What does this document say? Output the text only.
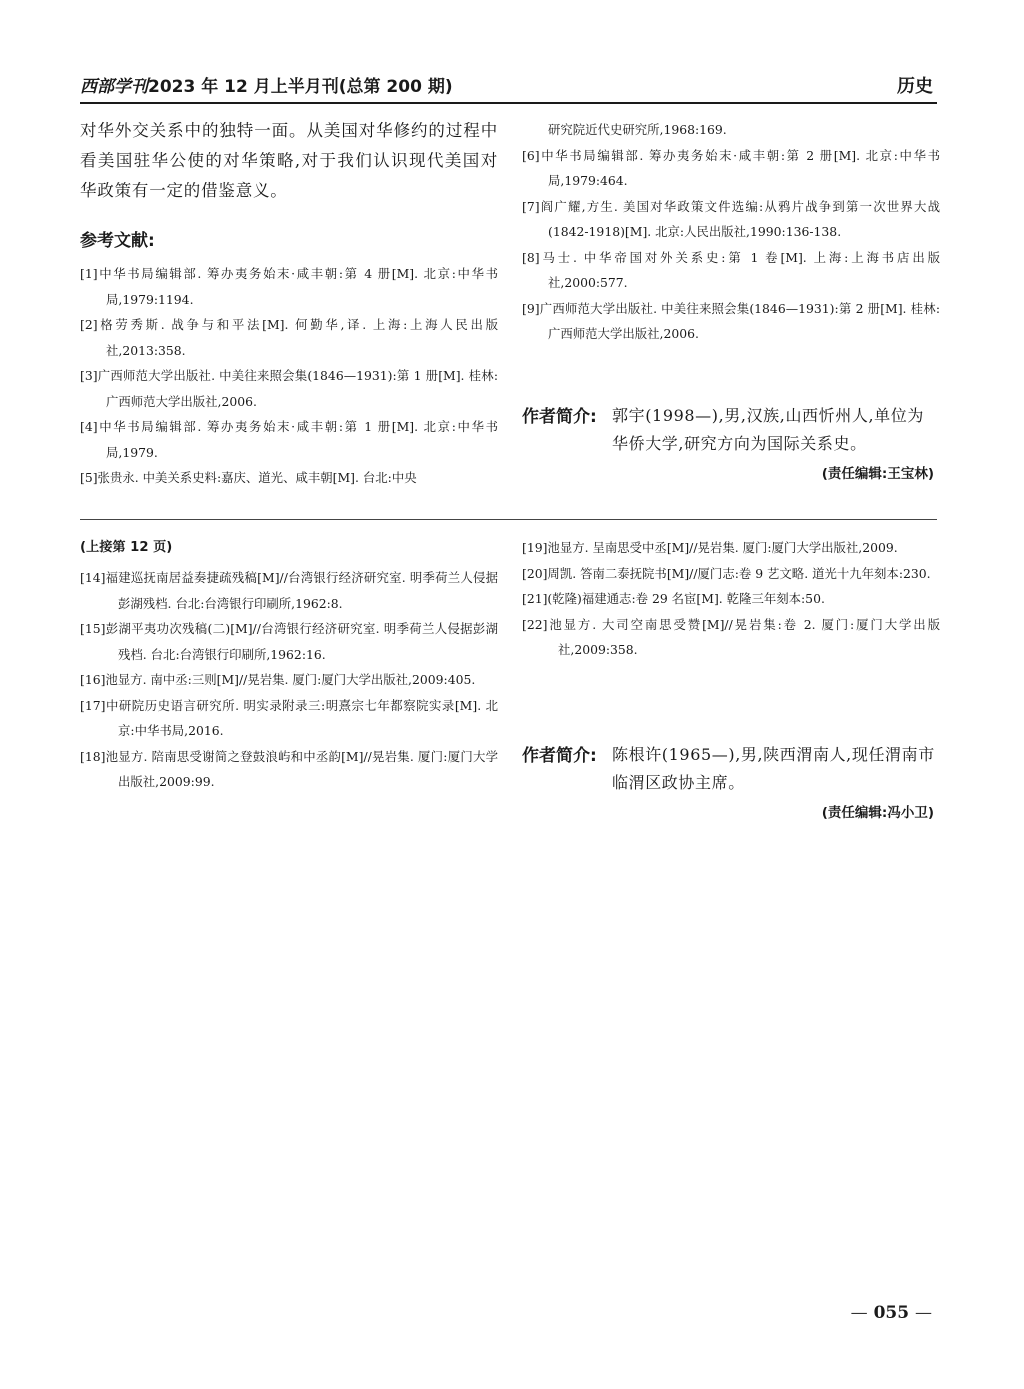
西部学刊2023 年 12 月上半月刊(总第 200 期)	历史

对华外交关系中的独特一面。从美国对华修约的过程中看美国驻华公使的对华策略,对于我们认识现代美国对华政策有一定的借鉴意义。

参考文献:

[1]中华书局编辑部. 筹办夷务始末·咸丰朝:第 4 册[M]. 北京:中华书局,1979:1194.

[2]格劳秀斯. 战争与和平法[M]. 何勤华,译. 上海:上海人民出版社,2013:358.

[3]广西师范大学出版社. 中美往来照会集(1846—1931):第 1 册[M]. 桂林:广西师范大学出版社,2006.

[4]中华书局编辑部. 筹办夷务始末·咸丰朝:第 1 册[M]. 北京:中华书局,1979.

[5]张贵永. 中美关系史料:嘉庆、道光、咸丰朝[M]. 台北:中央

研究院近代史研究所,1968:169.

[6]中华书局编辑部. 筹办夷务始末·咸丰朝:第 2 册[M]. 北京:中华书局,1979:464.

[7]阎广耀,方生. 美国对华政策文件选编:从鸦片战争到第一次世界大战(1842-1918)[M]. 北京:人民出版社,1990:136-138.

[8]马士. 中华帝国对外关系史:第 1 卷[M]. 上海:上海书店出版社,2000:577.

[9]广西师范大学出版社. 中美往来照会集(1846—1931):第 2 册[M]. 桂林:广西师范大学出版社,2006.

作者简介: 郭宇(1998—),男,汉族,山西忻州人,单位为华侨大学,研究方向为国际关系史。
(责任编辑:王宝林)
(上接第 12 页)

[14]福建巡抚南居益奏捷疏残稿[M]//台湾银行经济研究室. 明季荷兰人侵据彭湖残档. 台北:台湾银行印刷所,1962:8.

[15]彭湖平夷功次残稿(二)[M]//台湾银行经济研究室. 明季荷兰人侵据彭湖残档. 台北:台湾银行印刷所,1962:16.

[16]池显方. 南中丞:三则[M]//晃岩集. 厦门:厦门大学出版社,2009:405.

[17]中研院历史语言研究所. 明实录附录三:明熹宗七年都察院实录[M]. 北京:中华书局,2016.

[18]池显方. 陪南思受谢简之登鼓浪屿和中丞韵[M]//晃岩集. 厦门:厦门大学出版社,2009:99.

[19]池显方. 呈南思受中丞[M]//晃岩集. 厦门:厦门大学出版社,2009.

[20]周凯. 答南二泰抚院书[M]//厦门志:卷 9 艺文略. 道光十九年刻本:230.

[21](乾隆)福建通志:卷 29 名宦[M]. 乾隆三年刻本:50.

[22]池显方. 大司空南思受赞[M]//晃岩集:卷 2. 厦门:厦门大学出版社,2009:358.

作者简介: 陈根许(1965—),男,陕西渭南人,现任渭南市临渭区政协主席。
(责任编辑:冯小卫)
— 055 —
